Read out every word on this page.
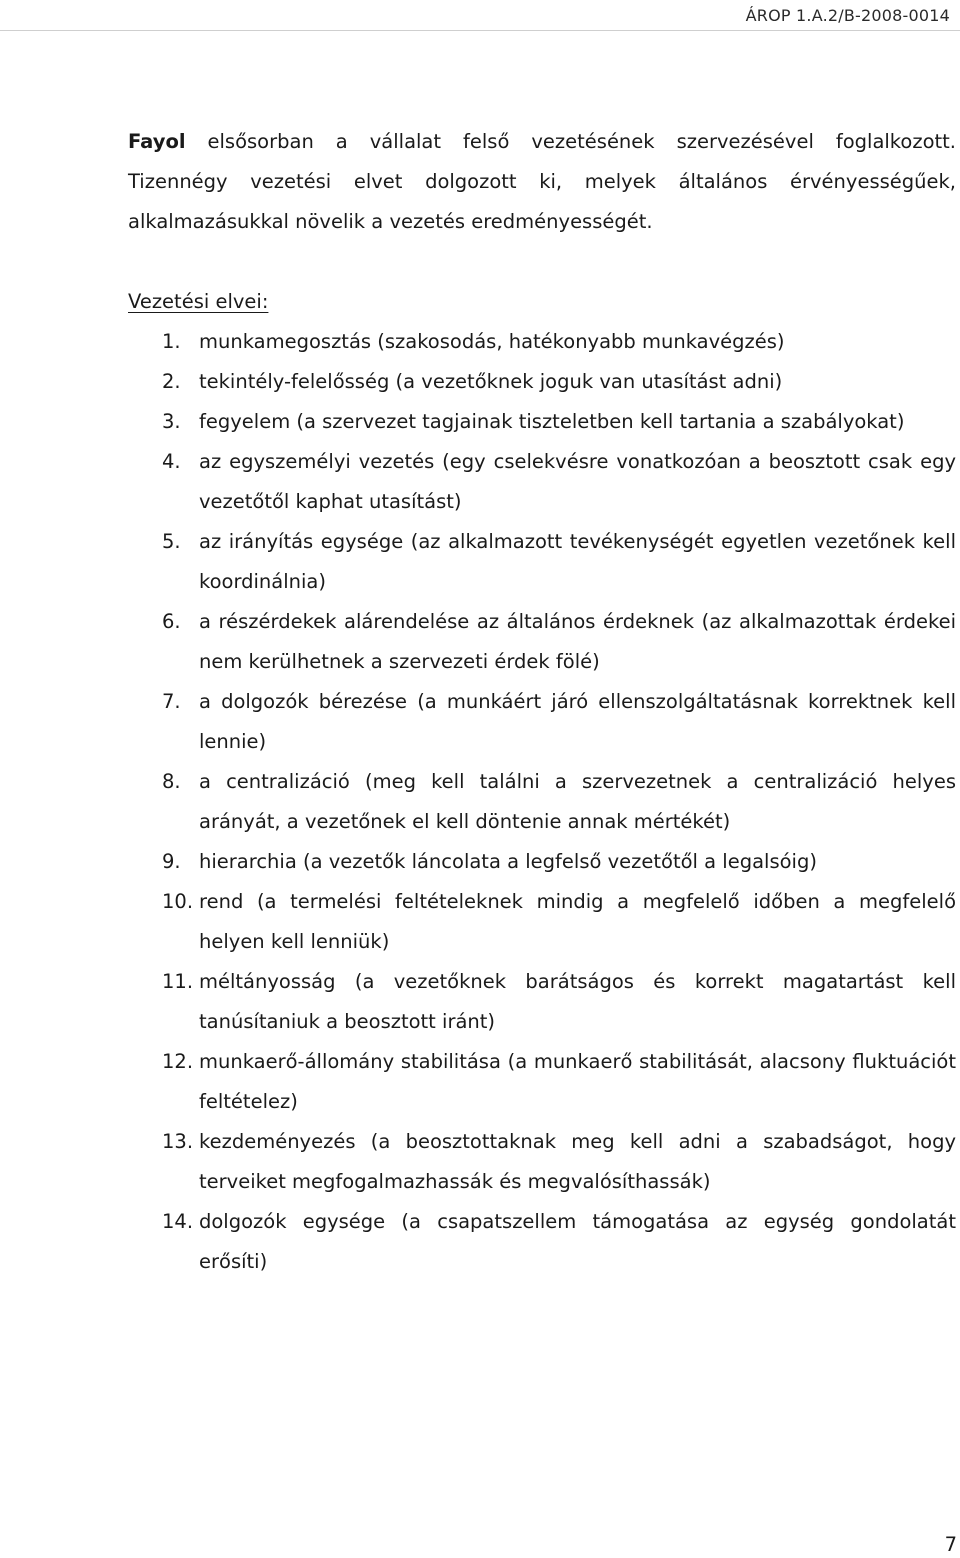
ÁROP 1.A.2/B-2008-0014
Fayol elsősorban a vállalat felső vezetésének szervezésével foglalkozott.
Tizennégy vezetési elvet dolgozott ki, melyek általános érvényességűek,
alkalmazásukkal növelik a vezetés eredményességét.
Vezetési elvei:
1. munkamegosztás (szakosodás, hatékonyabb munkavégzés)
2. tekintély-felelősség (a vezetőknek joguk van utasítást adni)
3. fegyelem (a szervezet tagjainak tiszteletben kell tartania a szabályokat)
4. az egyszemélyi vezetés (egy cselekvésre vonatkozóan a beosztott csak egy vezetőtől kaphat utasítást)
5. az irányítás egysége (az alkalmazott tevékenységét egyetlen vezetőnek kell koordinálnia)
6. a részérdekek alárendelése az általános érdeknek (az alkalmazottak érdekei nem kerülhetnek a szervezeti érdek fölé)
7. a dolgozók bérezése (a munkáért járó ellenszolgáltatásnak korrektnek kell lennie)
8. a centralizáció (meg kell találni a szervezetnek a centralizáció helyes arányát, a vezetőnek el kell döntenie annak mértékét)
9. hierarchia (a vezetők láncolata a legfelső vezetőtől a legalsóig)
10. rend (a termelési feltételeknek mindig a megfelelő időben a megfelelő helyen kell lenniük)
11. méltányosság (a vezetőknek barátságos és korrekt magatartást kell tanúsítaniuk a beosztott iránt)
12. munkaerő-állomány stabilitása (a munkaerő stabilitását, alacsony fluktuációt feltételez)
13. kezdeményezés (a beosztottaknak meg kell adni a szabadságot, hogy terveiket megfogalmazhassák és megvalósíthassák)
14. dolgozók egysége (a csapatszellem támogatása az egység gondolatát erősíti)
7
